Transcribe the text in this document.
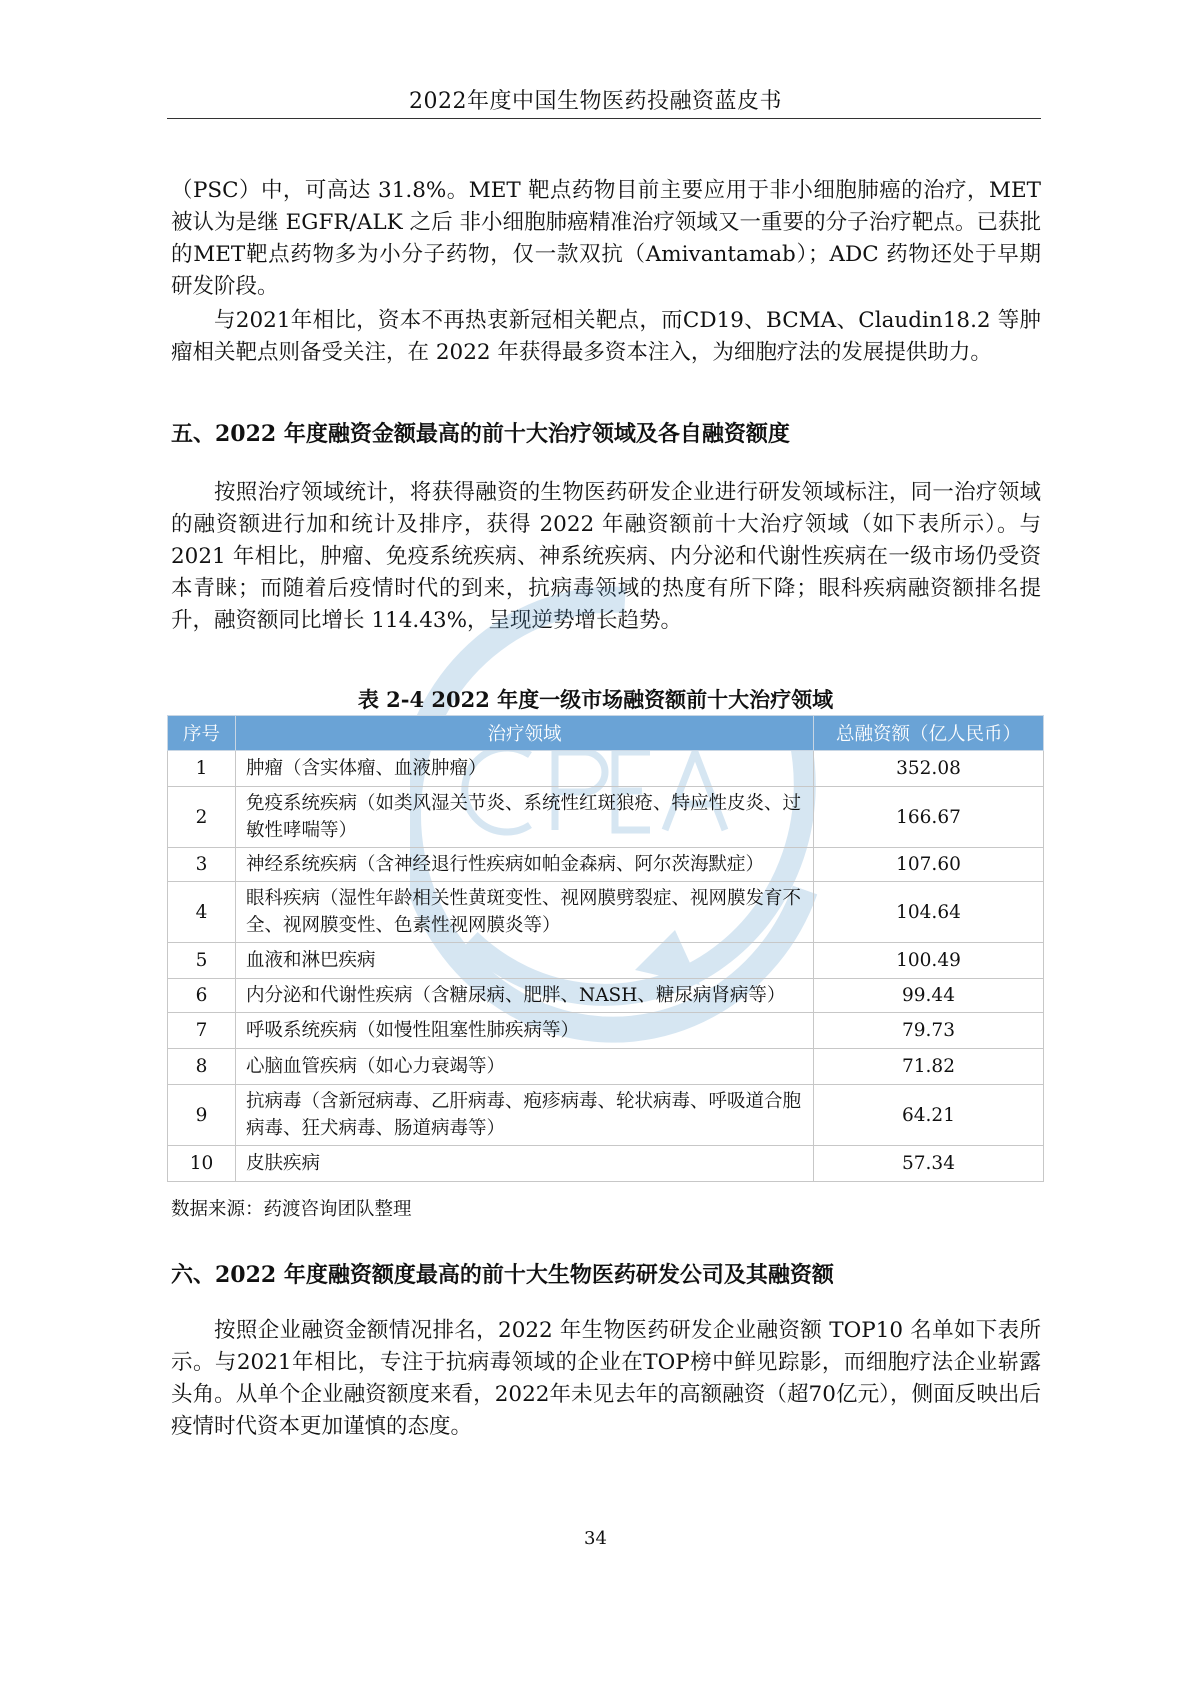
2022年度中国生物医药投融资蓝皮书

（PSC）中，可高达 31.8%。MET 靶点药物目前主要应用于非小细胞肺癌的治疗，MET 被认为是继 EGFR/ALK 之后 非小细胞肺癌精准治疗领域又一重要的分子治疗靶点。已获批的MET靶点药物多为小分子药物，仅一款双抗（Amivantamab）；ADC 药物还处于早期研发阶段。

与2021年相比，资本不再热衷新冠相关靶点，而CD19、BCMA、Claudin18.2 等肿瘤相关靶点则备受关注，在 2022 年获得最多资本注入，为细胞疗法的发展提供助力。

五、2022 年度融资金额最高的前十大治疗领域及各自融资额度

按照治疗领域统计，将获得融资的生物医药研发企业进行研发领域标注，同一治疗领域的融资额进行加和统计及排序，获得 2022 年融资额前十大治疗领域（如下表所示）。与 2021 年相比，肿瘤、免疫系统疾病、神系统疾病、内分泌和代谢性疾病在一级市场仍受资本青睐；而随着后疫情时代的到来，抗病毒领域的热度有所下降；眼科疾病融资额排名提升，融资额同比增长 114.43%，呈现逆势增长趋势。

表 2-4 2022 年度一级市场融资额前十大治疗领域

序号	治疗领域	总融资额（亿人民币）
1	肿瘤（含实体瘤、血液肿瘤）	352.08
2	免疫系统疾病（如类风湿关节炎、系统性红斑狼疮、特应性皮炎、过敏性哮喘等）	166.67
3	神经系统疾病（含神经退行性疾病如帕金森病、阿尔茨海默症）	107.60
4	眼科疾病（湿性年龄相关性黄斑变性、视网膜劈裂症、视网膜发育不全、视网膜变性、色素性视网膜炎等）	104.64
5	血液和淋巴疾病	100.49
6	内分泌和代谢性疾病（含糖尿病、肥胖、NASH、糖尿病肾病等）	99.44
7	呼吸系统疾病（如慢性阻塞性肺疾病等）	79.73
8	心脑血管疾病（如心力衰竭等）	71.82
9	抗病毒（含新冠病毒、乙肝病毒、疱疹病毒、轮状病毒、呼吸道合胞病毒、狂犬病毒、肠道病毒等）	64.21
10	皮肤疾病	57.34

数据来源：药渡咨询团队整理

六、2022 年度融资额度最高的前十大生物医药研发公司及其融资额

按照企业融资金额情况排名，2022 年生物医药研发企业融资额 TOP10 名单如下表所示。与2021年相比，专注于抗病毒领域的企业在TOP榜中鲜见踪影，而细胞疗法企业崭露头角。从单个企业融资额度来看，2022年未见去年的高额融资（超70亿元），侧面反映出后疫情时代资本更加谨慎的态度。

34
